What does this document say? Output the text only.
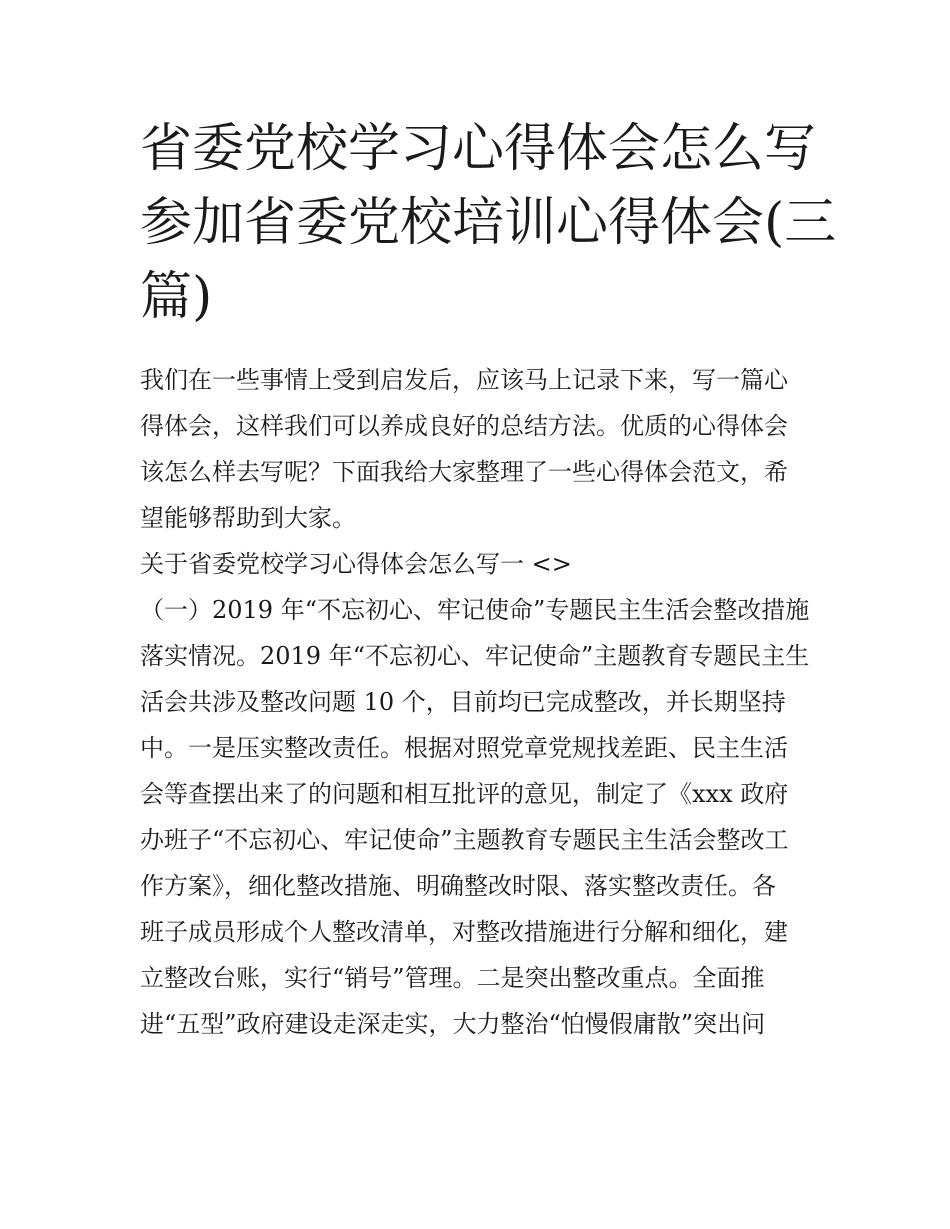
省委党校学习心得体会怎么写
参加省委党校培训心得体会(三
篇)
我们在一些事情上受到启发后，应该马上记录下来，写一篇心
得体会，这样我们可以养成良好的总结方法。优质的心得体会
该怎么样去写呢？下面我给大家整理了一些心得体会范文，希
望能够帮助到大家。
关于省委党校学习心得体会怎么写一 <>
（一）2019 年“不忘初心、牢记使命”专题民主生活会整改措施
落实情况。2019 年“不忘初心、牢记使命”主题教育专题民主生
活会共涉及整改问题 10 个，目前均已完成整改，并长期坚持
中。一是压实整改责任。根据对照党章党规找差距、民主生活
会等查摆出来了的问题和相互批评的意见，制定了《xxx 政府
办班子“不忘初心、牢记使命”主题教育专题民主生活会整改工
作方案》，细化整改措施、明确整改时限、落实整改责任。各
班子成员形成个人整改清单，对整改措施进行分解和细化，建
立整改台账，实行“销号”管理。二是突出整改重点。全面推
进“五型”政府建设走深走实，大力整治“怕慢假庸散”突出问
